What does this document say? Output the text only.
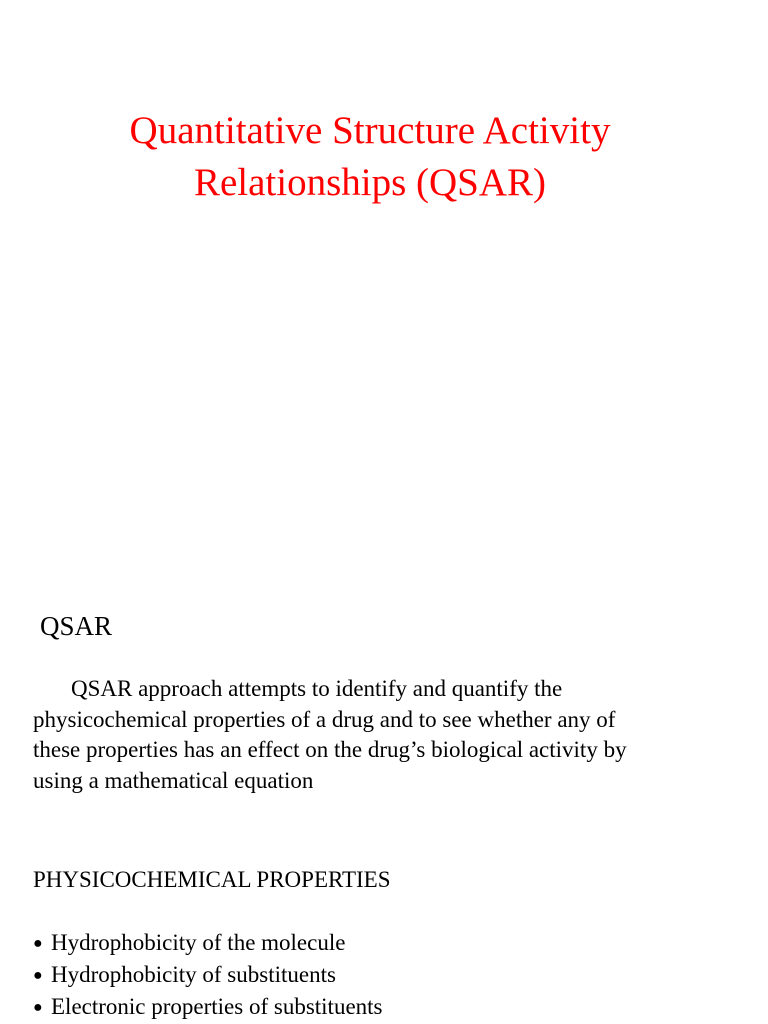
Quantitative Structure Activity
Relationships (QSAR)
QSAR
QSAR approach attempts to identify and quantify the
physicochemical properties of a drug and to see whether any of
these properties has an effect on the drug’s biological activity by
using a mathematical equation
PHYSICOCHEMICAL PROPERTIES
● Hydrophobicity of the molecule
● Hydrophobicity of substituents
● Electronic properties of substituents
